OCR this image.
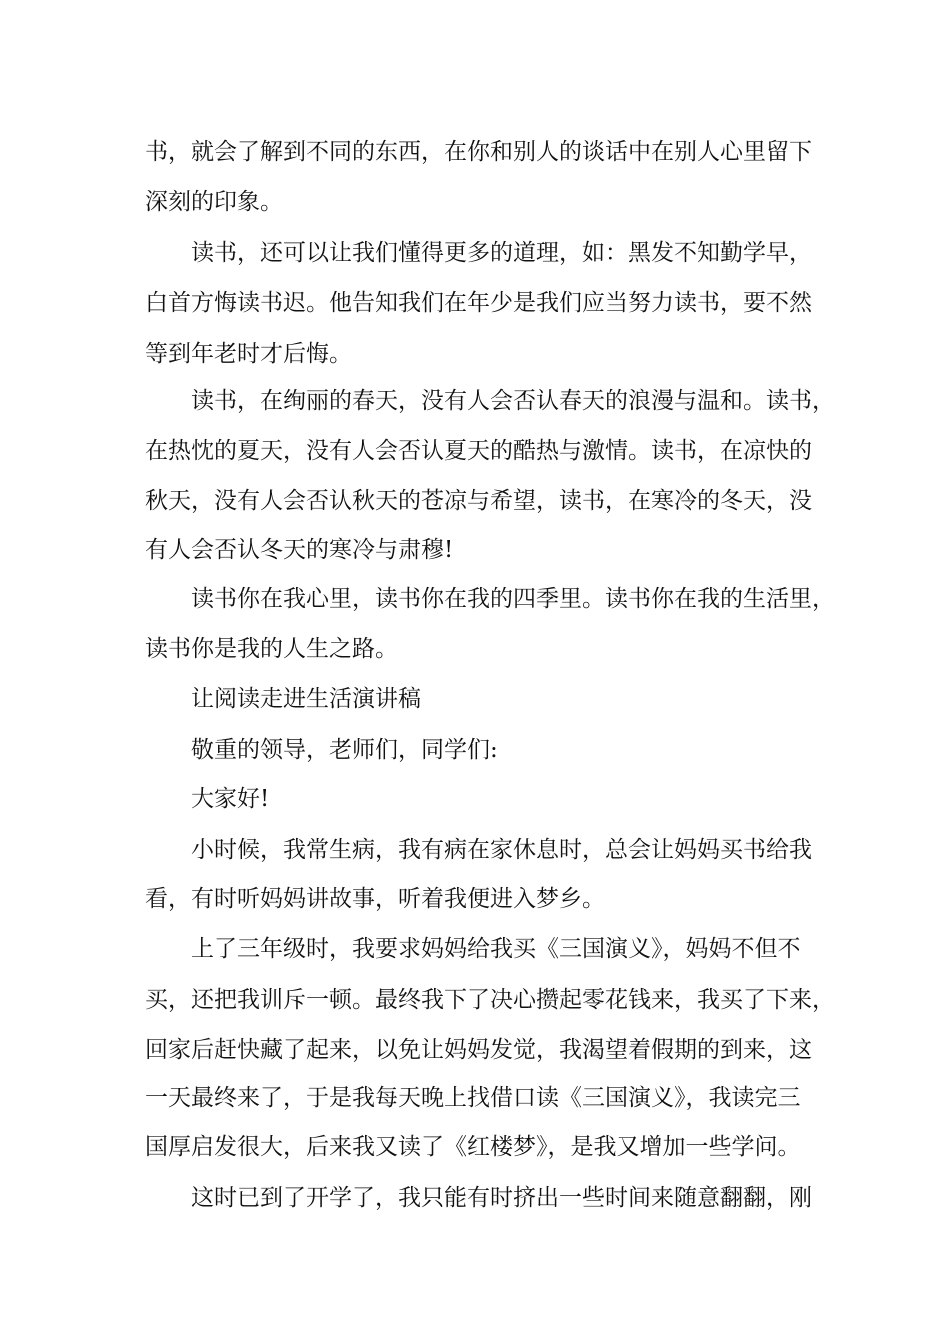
书，就会了解到不同的东西，在你和别人的谈话中在别人心里留下
深刻的印象。
读书，还可以让我们懂得更多的道理，如：黑发不知勤学早，
白首方悔读书迟。他告知我们在年少是我们应当努力读书，要不然
等到年老时才后悔。
读书，在绚丽的春天，没有人会否认春天的浪漫与温和。读书，
在热忱的夏天，没有人会否认夏天的酷热与激情。读书，在凉快的
秋天，没有人会否认秋天的苍凉与希望，读书，在寒冷的冬天，没
有人会否认冬天的寒冷与肃穆!
读书你在我心里，读书你在我的四季里。读书你在我的生活里，
读书你是我的人生之路。
让阅读走进生活演讲稿
敬重的领导，老师们，同学们:
大家好!
小时候，我常生病，我有病在家休息时，总会让妈妈买书给我
看，有时听妈妈讲故事，听着我便进入梦乡。
上了三年级时，我要求妈妈给我买《三国演义》，妈妈不但不
买，还把我训斥一顿。最终我下了决心攒起零花钱来，我买了下来，
回家后赶快藏了起来，以免让妈妈发觉，我渴望着假期的到来，这
一天最终来了，于是我每天晚上找借口读《三国演义》，我读完三
国厚启发很大，后来我又读了《红楼梦》，是我又增加一些学问。
这时已到了开学了，我只能有时挤出一些时间来随意翻翻，刚
